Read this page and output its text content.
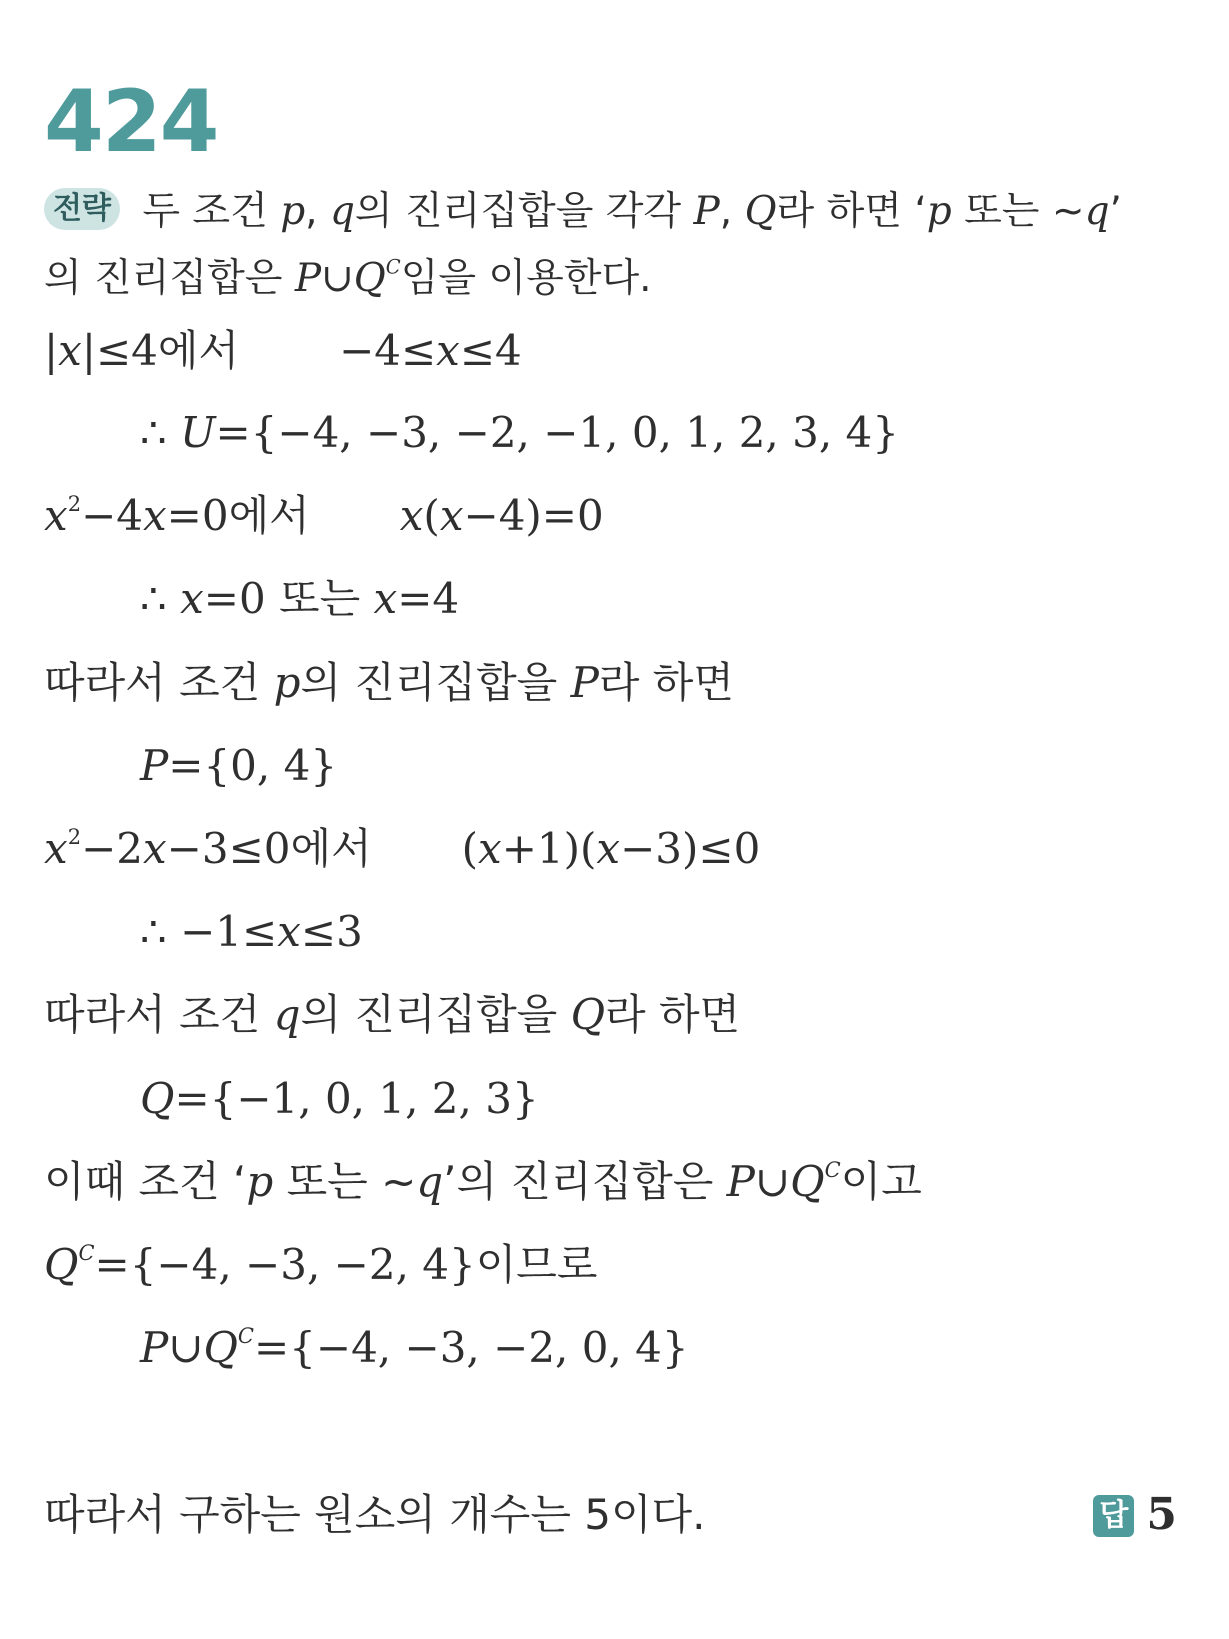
424
전략 두 조건 p, q의 진리집합을 각각 P, Q라 하면 ‘p 또는 ~q’
의 진리집합은 $P\cup Q^C$임을 이용한다.
|x|≤4에서 −4≤x≤4
∴ U={−4, −3, −2, −1, 0, 1, 2, 3, 4}
$x^2-4x=0$에서 x(x−4)=0
∴ x=0 또는 x=4
따라서 조건 p의 진리집합을 P라 하면
P={0, 4}
$x^2-2x-3\le 0$에서 (x+1)(x−3)≤0
∴ −1≤x≤3
따라서 조건 q의 진리집합을 Q라 하면
Q={−1, 0, 1, 2, 3}
이때 조건 ‘p 또는 ~q’의 진리집합은 $P\cup Q^C$이고
$Q^C=\{-4$, −3, −2, 4}이므로
$P\cup Q^C=\{-4$, −3, −2, 0, 4}
따라서 구하는 원소의 개수는 5이다.	답 5
